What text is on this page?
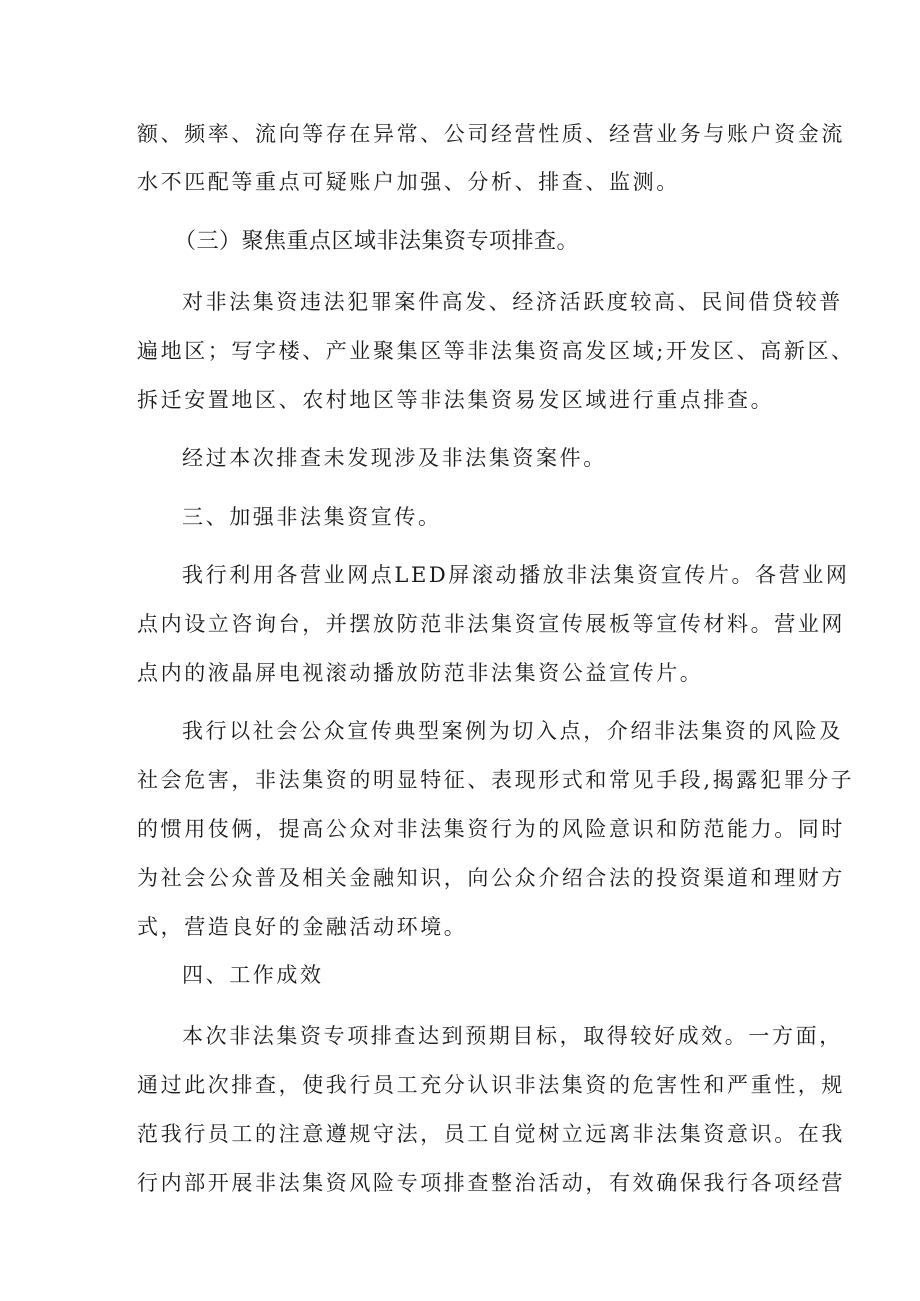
额、频率、流向等存在异常、公司经营性质、经营业务与账户资金流
水不匹配等重点可疑账户加强、分析、排查、监测。
（三）聚焦重点区域非法集资专项排查。
对非法集资违法犯罪案件高发、经济活跃度较高、民间借贷较普
遍地区；写字楼、产业聚集区等非法集资高发区域;开发区、高新区、
拆迁安置地区、农村地区等非法集资易发区域进行重点排查。
经过本次排查未发现涉及非法集资案件。
三、加强非法集资宣传。
我行利用各营业网点LED屏滚动播放非法集资宣传片。各营业网
点内设立咨询台，并摆放防范非法集资宣传展板等宣传材料。营业网
点内的液晶屏电视滚动播放防范非法集资公益宣传片。
我行以社会公众宣传典型案例为切入点，介绍非法集资的风险及
社会危害，非法集资的明显特征、表现形式和常见手段,揭露犯罪分子
的惯用伎俩，提高公众对非法集资行为的风险意识和防范能力。同时
为社会公众普及相关金融知识，向公众介绍合法的投资渠道和理财方
式，营造良好的金融活动环境。
四、工作成效
本次非法集资专项排查达到预期目标，取得较好成效。一方面，
通过此次排查，使我行员工充分认识非法集资的危害性和严重性，规
范我行员工的注意遵规守法，员工自觉树立远离非法集资意识。在我
行内部开展非法集资风险专项排查整治活动，有效确保我行各项经营
